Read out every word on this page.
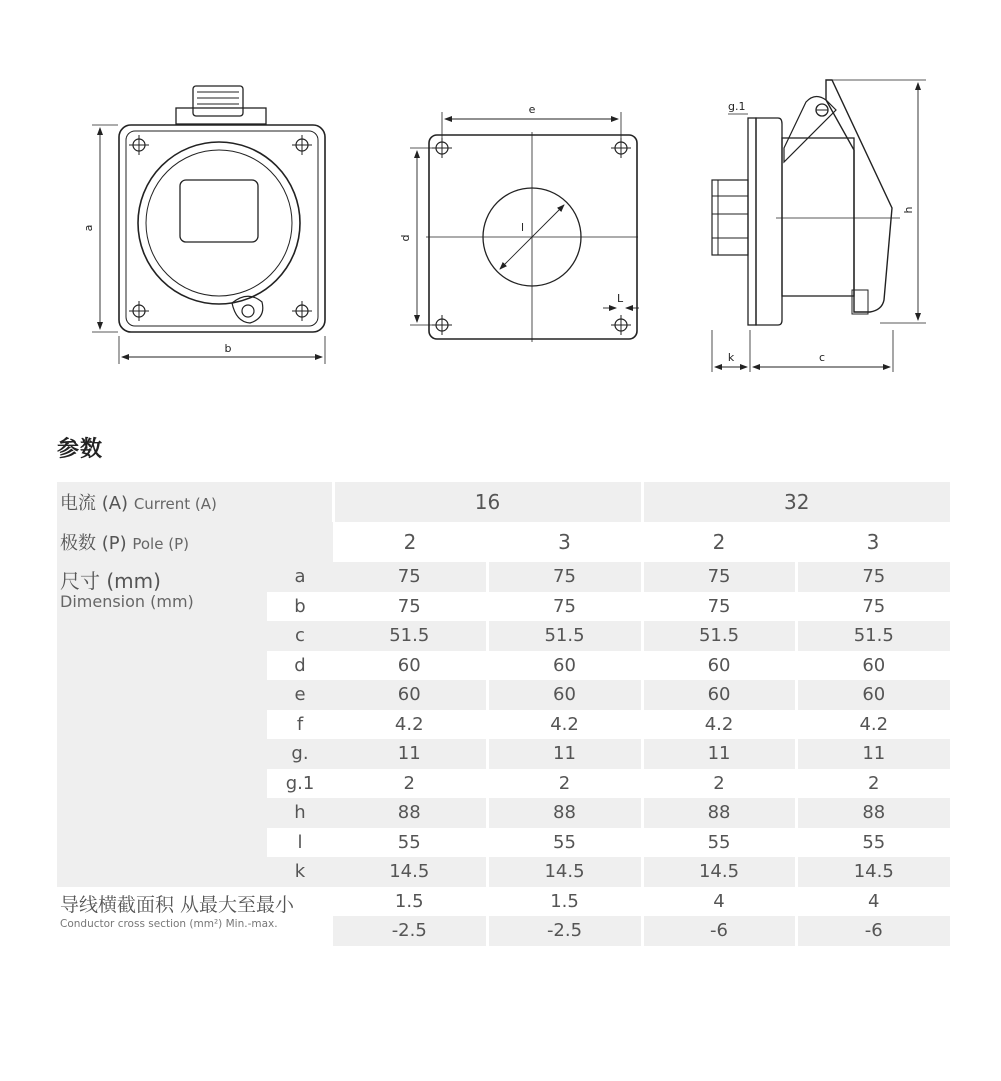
a
b
l
e
d
L
g.1
h
k	c
参数
电流 (A) Current (A)		16		32	
极数 (P) Pole (P)		2	3	2	3

尺寸 (mm)
Dimension (mm)	a	75	75	75	75
	b	75	75	75	75
	c	51.5	51.5	51.5	51.5
	d	60	60	60	60
	e	60	60	60	60
	f	4.2	4.2	4.2	4.2
	g.	11	11	11	11
	g.1	2	2	2	2
	h	88	88	88	88
	l	55	55	55	55
	k	14.5	14.5	14.5	14.5

导线横截面积 从最大至最小
Conductor cross section (mm²) Min.-max.		1.5	1.5	4	4
		-2.5	-2.5	-6	-6
